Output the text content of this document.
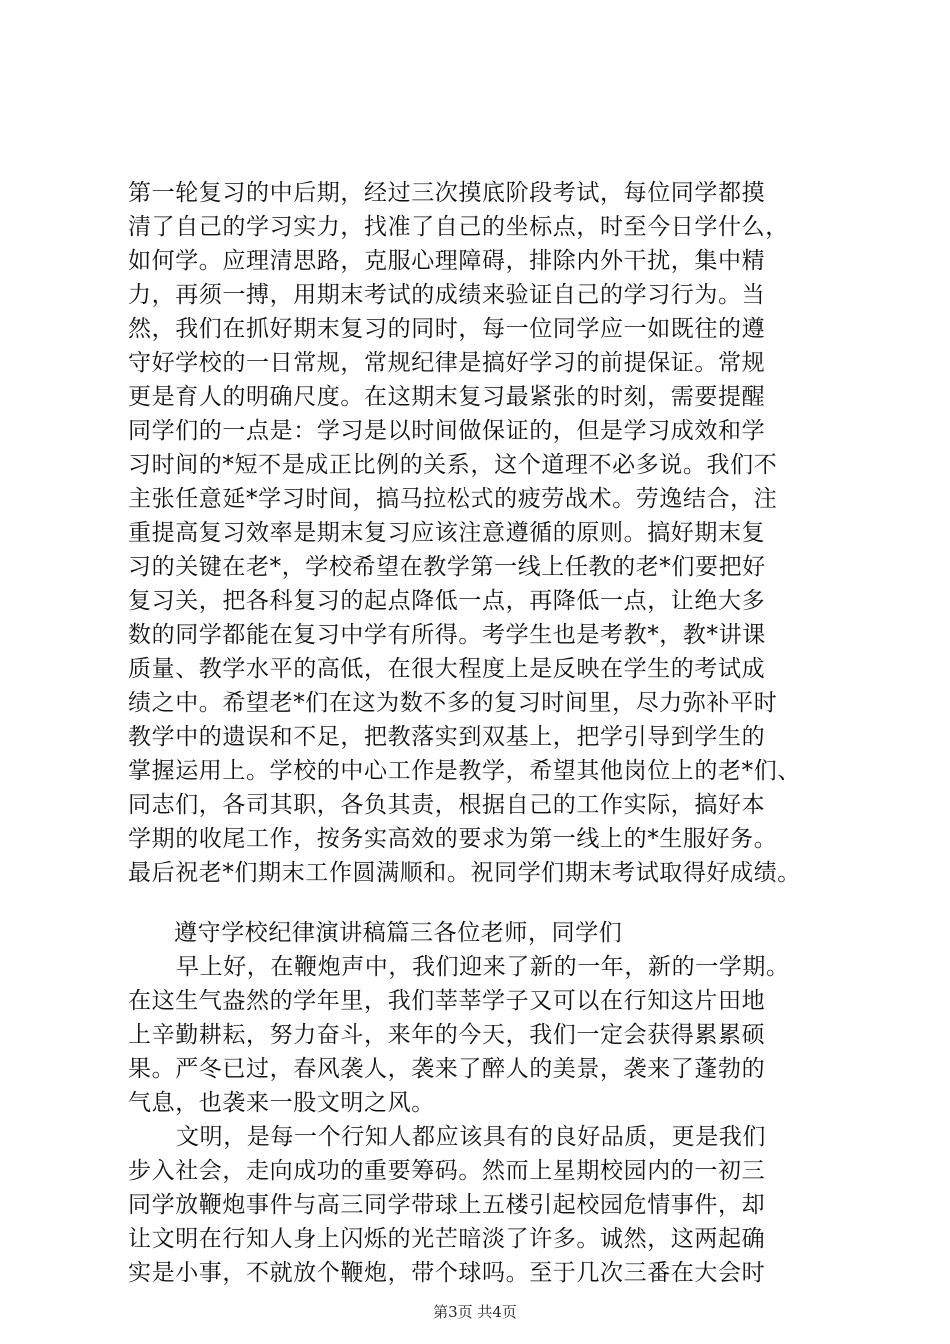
第一轮复习的中后期，经过三次摸底阶段考试，每位同学都摸
清了自己的学习实力，找准了自己的坐标点，时至今日学什么，
如何学。应理清思路，克服心理障碍，排除内外干扰，集中精
力，再须一搏，用期末考试的成绩来验证自己的学习行为。当
然，我们在抓好期末复习的同时，每一位同学应一如既往的遵
守好学校的一日常规，常规纪律是搞好学习的前提保证。常规
更是育人的明确尺度。在这期末复习最紧张的时刻，需要提醒
同学们的一点是：学习是以时间做保证的，但是学习成效和学
习时间的*短不是成正比例的关系，这个道理不必多说。我们不
主张任意延*学习时间，搞马拉松式的疲劳战术。劳逸结合，注
重提高复习效率是期末复习应该注意遵循的原则。搞好期末复
习的关键在老*，学校希望在教学第一线上任教的老*们要把好
复习关，把各科复习的起点降低一点，再降低一点，让绝大多
数的同学都能在复习中学有所得。考学生也是考教*，教*讲课
质量、教学水平的高低，在很大程度上是反映在学生的考试成
绩之中。希望老*们在这为数不多的复习时间里，尽力弥补平时
教学中的遗误和不足，把教落实到双基上，把学引导到学生的
掌握运用上。学校的中心工作是教学，希望其他岗位上的老*们、
同志们，各司其职，各负其责，根据自己的工作实际，搞好本
学期的收尾工作，按务实高效的要求为第一线上的*生服好务。
最后祝老*们期末工作圆满顺和。祝同学们期末考试取得好成绩。
遵守学校纪律演讲稿篇三各位老师，同学们
早上好，在鞭炮声中，我们迎来了新的一年，新的一学期。
在这生气盎然的学年里，我们莘莘学子又可以在行知这片田地
上辛勤耕耘，努力奋斗，来年的今天，我们一定会获得累累硕
果。严冬已过，春风袭人，袭来了醉人的美景，袭来了蓬勃的
气息，也袭来一股文明之风。
文明，是每一个行知人都应该具有的良好品质，更是我们
步入社会，走向成功的重要筹码。然而上星期校园内的一初三
同学放鞭炮事件与高三同学带球上五楼引起校园危情事件，却
让文明在行知人身上闪烁的光芒暗淡了许多。诚然，这两起确
实是小事，不就放个鞭炮，带个球吗。至于几次三番在大会时
第3页 共4页
